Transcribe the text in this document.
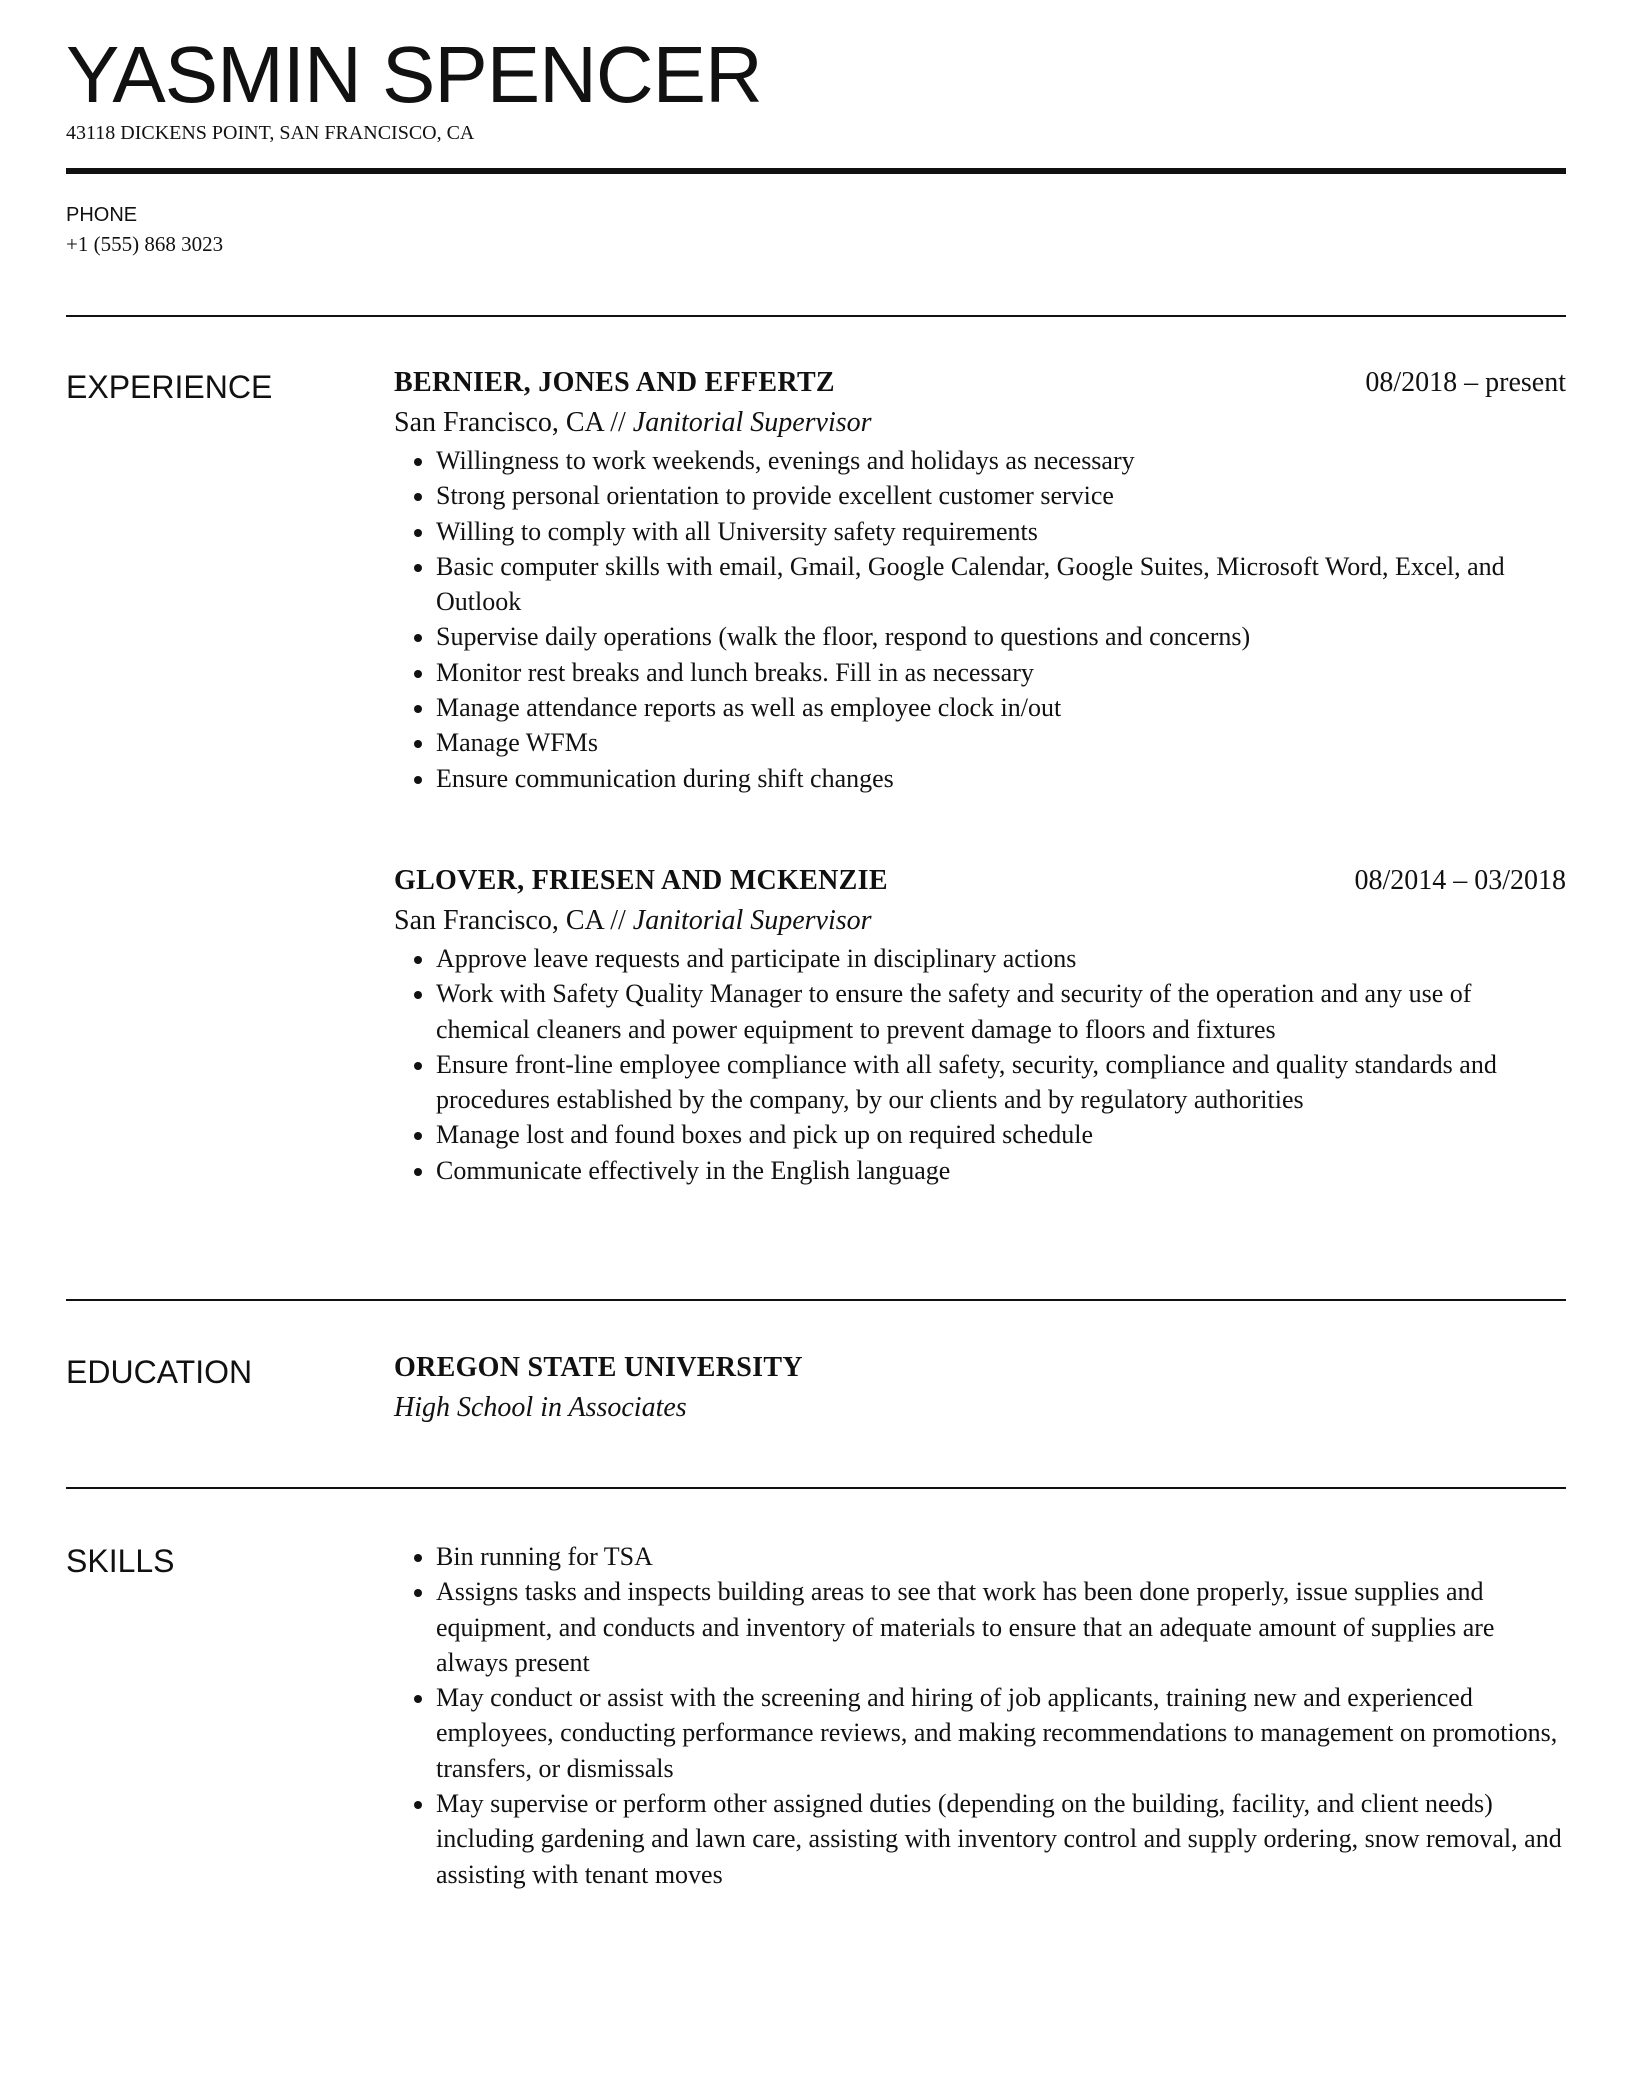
YASMIN SPENCER
43118 DICKENS POINT, SAN FRANCISCO, CA
PHONE
+1 (555) 868 3023
EXPERIENCE	BERNIER, JONES AND EFFERTZ	08/2018 – present
San Francisco, CA // Janitorial Supervisor
• Willingness to work weekends, evenings and holidays as necessary
• Strong personal orientation to provide excellent customer service
• Willing to comply with all University safety requirements
• Basic computer skills with email, Gmail, Google Calendar, Google Suites, Microsoft Word, Excel, and Outlook
• Supervise daily operations (walk the floor, respond to questions and concerns)
• Monitor rest breaks and lunch breaks. Fill in as necessary
• Manage attendance reports as well as employee clock in/out
• Manage WFMs
• Ensure communication during shift changes
GLOVER, FRIESEN AND MCKENZIE	08/2014 – 03/2018
San Francisco, CA // Janitorial Supervisor
• Approve leave requests and participate in disciplinary actions
• Work with Safety Quality Manager to ensure the safety and security of the operation and any use of chemical cleaners and power equipment to prevent damage to floors and fixtures
• Ensure front-line employee compliance with all safety, security, compliance and quality standards and procedures established by the company, by our clients and by regulatory authorities
• Manage lost and found boxes and pick up on required schedule
• Communicate effectively in the English language
EDUCATION	OREGON STATE UNIVERSITY
High School in Associates
SKILLS
•	Bin running for TSA
• Assigns tasks and inspects building areas to see that work has been done properly, issue supplies and equipment, and conducts and inventory of materials to ensure that an adequate amount of supplies are always present
• May conduct or assist with the screening and hiring of job applicants, training new and experienced employees, conducting performance reviews, and making recommendations to management on promotions, transfers, or dismissals
• May supervise or perform other assigned duties (depending on the building, facility, and client needs) including gardening and lawn care, assisting with inventory control and supply ordering, snow removal, and assisting with tenant moves
